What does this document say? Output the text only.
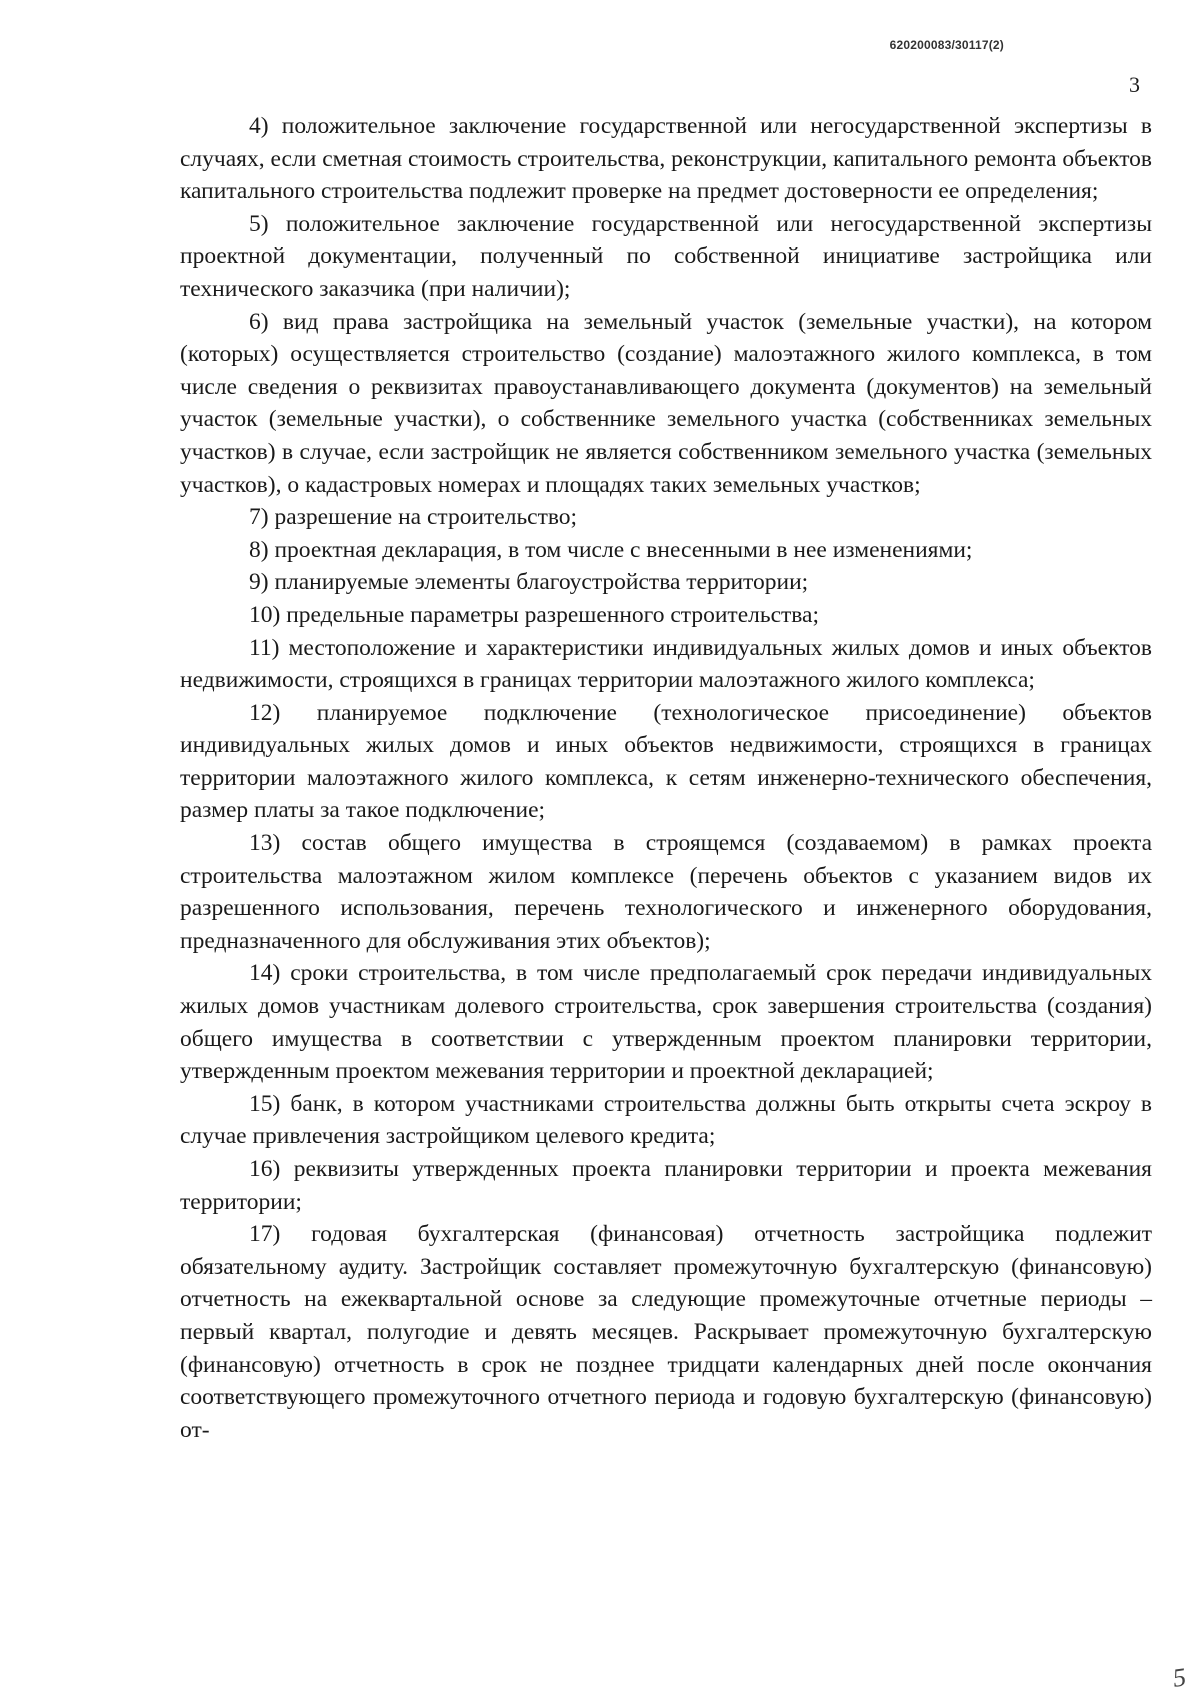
620200083/30117(2)
3

4) положительное заключение государственной или негосударственной экспертизы в случаях, если сметная стоимость строительства, реконструкции, капитального ремонта объектов капитального строительства подлежит проверке на предмет достоверности ее определения;

5) положительное заключение государственной или негосударственной экспертизы проектной документации, полученный по собственной инициативе застройщика или технического заказчика (при наличии);

6) вид права застройщика на земельный участок (земельные участки), на котором (которых) осуществляется строительство (создание) малоэтажного жилого комплекса, в том числе сведения о реквизитах правоустанавливающего документа (документов) на земельный участок (земельные участки), о собственнике земельного участка (собственниках земельных участков) в случае, если застройщик не является собственником земельного участка (земельных участков), о кадастровых номерах и площадях таких земельных участков;

7) разрешение на строительство;

8) проектная декларация, в том числе с внесенными в нее изменениями;

9) планируемые элементы благоустройства территории;

10) предельные параметры разрешенного строительства;

11) местоположение и характеристики индивидуальных жилых домов и иных объектов недвижимости, строящихся в границах территории малоэтажного жилого комплекса;

12) планируемое подключение (технологическое присоединение) объектов индивидуальных жилых домов и иных объектов недвижимости, строящихся в границах территории малоэтажного жилого комплекса, к сетям инженерно-технического обеспечения, размер платы за такое подключение;

13) состав общего имущества в строящемся (создаваемом) в рамках проекта строительства малоэтажном жилом комплексе (перечень объектов с указанием видов их разрешенного использования, перечень технологического и инженерного оборудования, предназначенного для обслуживания этих объектов);

14) сроки строительства, в том числе предполагаемый срок передачи индивидуальных жилых домов участникам долевого строительства, срок завершения строительства (создания) общего имущества в соответствии с утвержденным проектом планировки территории, утвержденным проектом межевания территории и проектной декларацией;

15) банк, в котором участниками строительства должны быть открыты счета эскроу в случае привлечения застройщиком целевого кредита;

16) реквизиты утвержденных проекта планировки территории и проекта межевания территории;

17) годовая бухгалтерская (финансовая) отчетность застройщика подлежит обязательному аудиту. Застройщик составляет промежуточную бухгалтерскую (финансовую) отчетность на ежеквартальной основе за следующие промежуточные отчетные периоды – первый квартал, полугодие и девять месяцев. Раскрывает промежуточную бухгалтерскую (финансовую) отчетность в срок не позднее тридцати календарных дней после окончания соответствующего промежуточного отчетного периода и годовую бухгалтерскую (финансовую) от-

5
